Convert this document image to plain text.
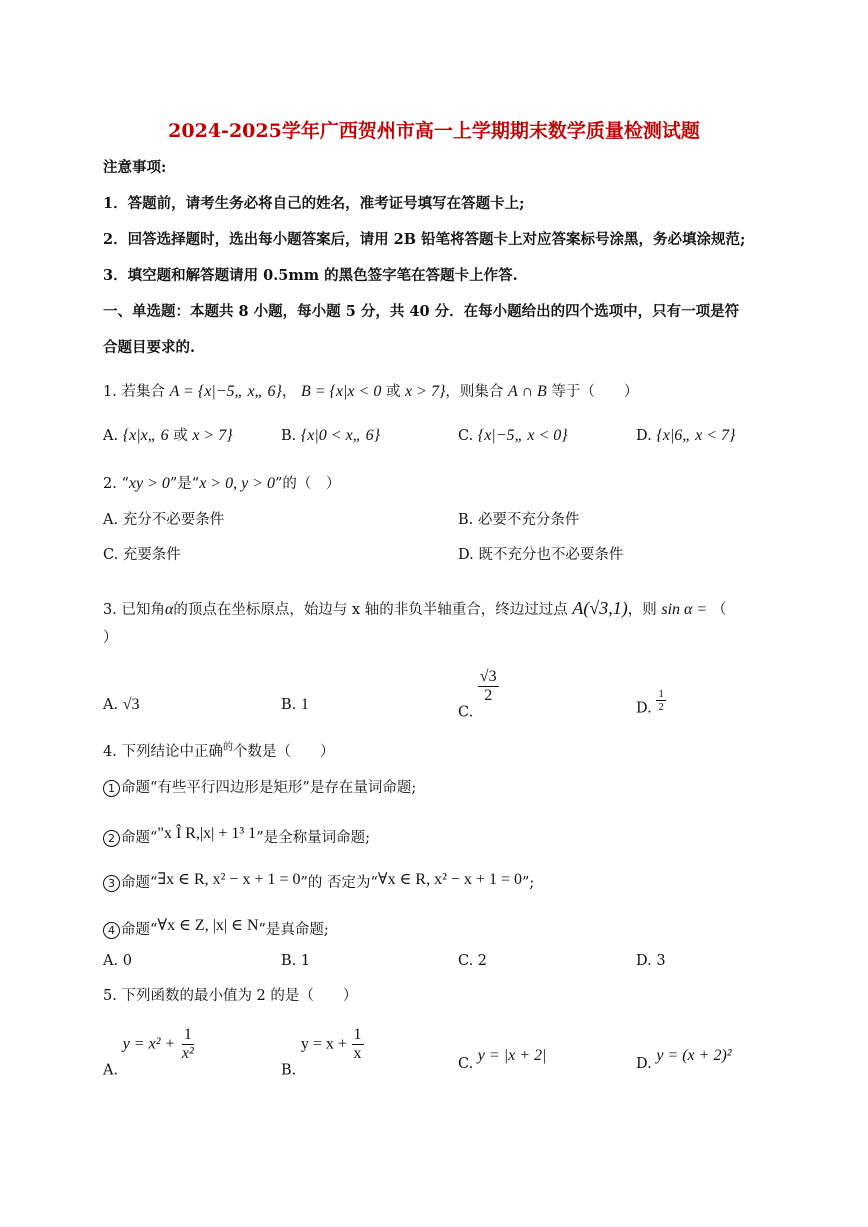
2024-2025学年广西贺州市高一上学期期末数学质量检测试题
注意事项:
1．答题前，请考生务必将自己的姓名，准考证号填写在答题卡上;
2．回答选择题时，选出每小题答案后，请用 2B 铅笔将答题卡上对应答案标号涂黑，务必填涂规范;
3．填空题和解答题请用 0.5mm 的黑色签字笔在答题卡上作答.
一、单选题：本题共 8 小题，每小题 5 分，共 40 分．在每小题给出的四个选项中，只有一项是符
合题目要求的.
1. 若集合 A = {x|−5„ x„ 6}， B = {x|x < 0 或 x > 7}，则集合 A ∩ B 等于（　　）
A. {x|x„ 6 或 x > 7}	B. {x|0 < x„ 6}	C. {x|−5„ x < 0}	D. {x|6„ x < 7}
2. “xy > 0”是“x > 0, y > 0”的（　）
A. 充分不必要条件	B. 必要不充分条件
C. 充要条件	D. 既不充分也不必要条件
3. 已知角α的顶点在坐标原点，始边与 x 轴的非负半轴重合，终边过过点 A(√3,1)，则 sin α = （
）
A. √3	B. 1	C.
$\frac{√3}{2}$
D. $\frac{1}{2}$
4. 下列结论中正确$^的$个数是（　　）
1 命题“有些平行四边形是矩形”是存在量词命题;
2 命题“"x Î R,|x| + 1³ 1”是全称量词命题;
3 命题“∃x ∈ R, x² − x + 1 = 0”的 否定为“∀x ∈ R, x² − x + 1 = 0”;
4 命题“∀x ∈ Z, |x| ∈ N”是真命题;
A. 0	B. 1	C. 2	D. 3
5. 下列函数的最小值为 2 的是（　　）
A. $y = x^2 + \frac{1}{\text{x²}}$
B. $y = x + \frac{1}{x}$
C. y = |x + 2|	D. y = (x + 2)²
